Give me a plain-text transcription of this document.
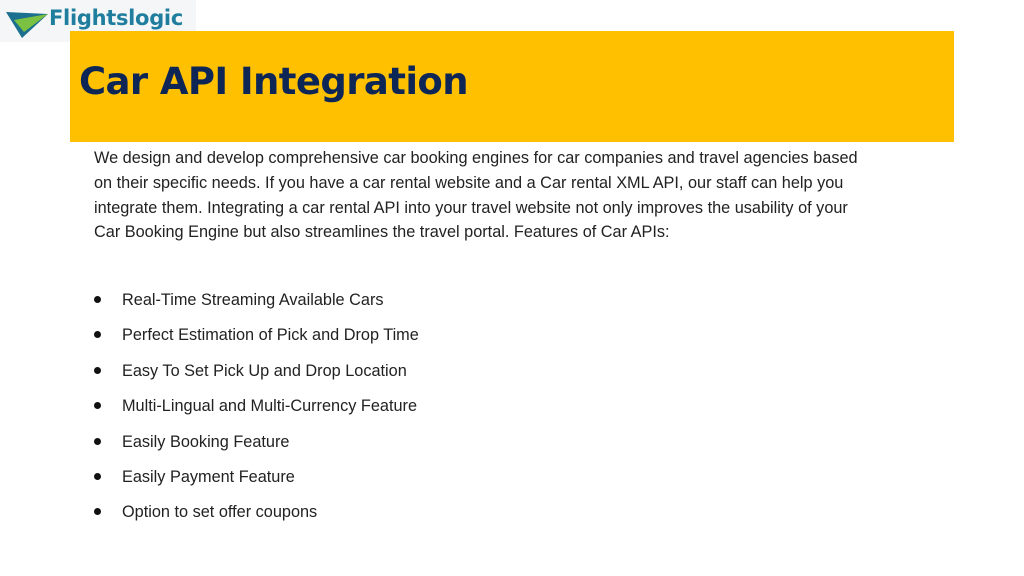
Flightslogic
Car API Integration

We design and develop comprehensive car booking engines for car companies and travel agencies based on their specific needs. If you have a car rental website and a Car rental XML API, our staff can help you integrate them. Integrating a car rental API into your travel website not only improves the usability of your Car Booking Engine but also streamlines the travel portal. Features of Car APIs:

Real-Time Streaming Available Cars
Perfect Estimation of Pick and Drop Time
Easy To Set Pick Up and Drop Location
Multi-Lingual and Multi-Currency Feature
Easily Booking Feature
Easily Payment Feature
Option to set offer coupons
